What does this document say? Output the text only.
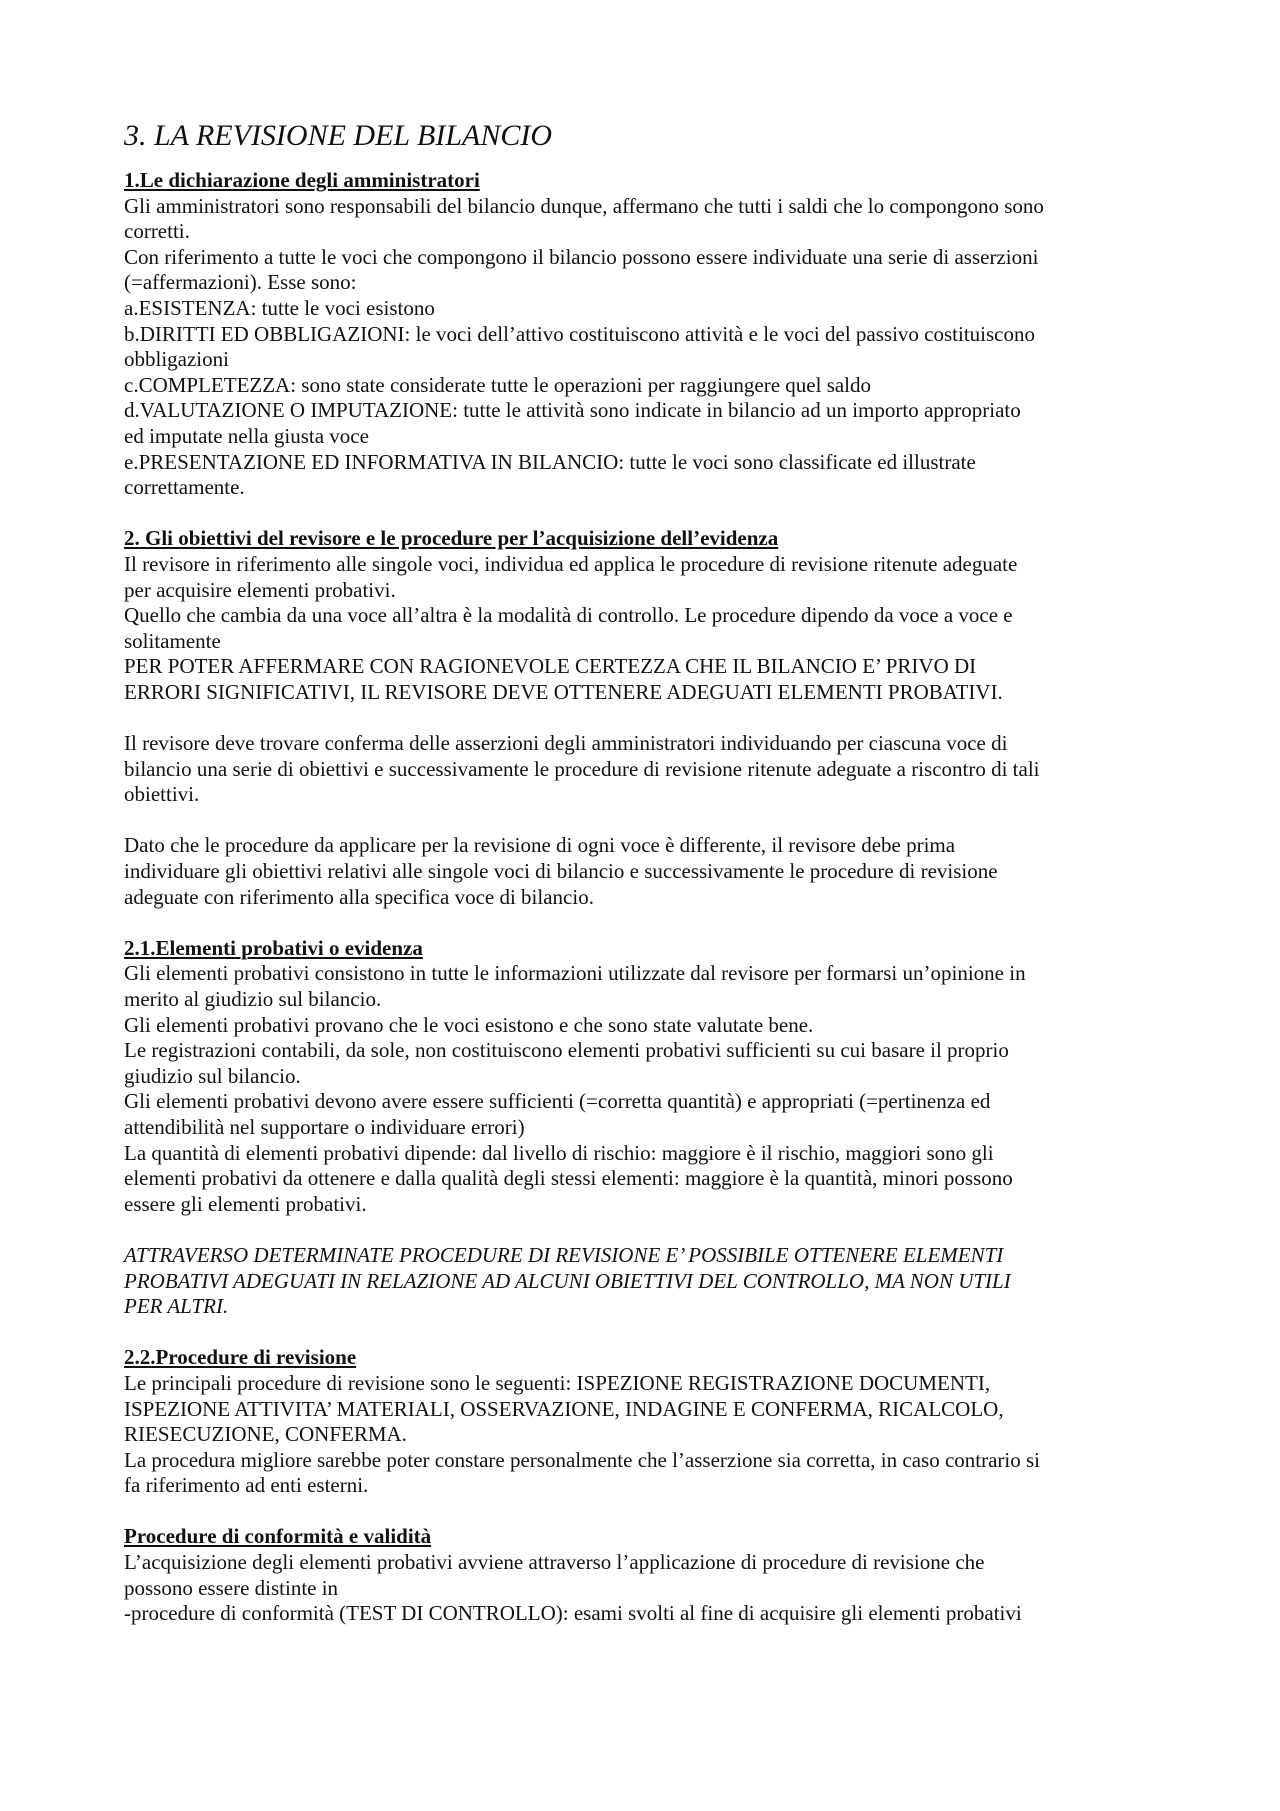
3. LA REVISIONE DEL BILANCIO

1.Le dichiarazione degli amministratori

Gli amministratori sono responsabili del bilancio dunque, affermano che tutti i saldi che lo compongono sono
corretti.
Con riferimento a tutte le voci che compongono il bilancio possono essere individuate una serie di asserzioni
(=affermazioni). Esse sono:
a.ESISTENZA: tutte le voci esistono
b.DIRITTI ED OBBLIGAZIONI: le voci dell’attivo costituiscono attività e le voci del passivo costituiscono
obbligazioni
c.COMPLETEZZA: sono state considerate tutte le operazioni per raggiungere quel saldo
d.VALUTAZIONE O IMPUTAZIONE: tutte le attività sono indicate in bilancio ad un importo appropriato
ed imputate nella giusta voce
e.PRESENTAZIONE ED INFORMATIVA IN BILANCIO: tutte le voci sono classificate ed illustrate
correttamente.

2. Gli obiettivi del revisore e le procedure per l’acquisizione dell’evidenza

Il revisore in riferimento alle singole voci, individua ed applica le procedure di revisione ritenute adeguate
per acquisire elementi probativi.
Quello che cambia da una voce all’altra è la modalità di controllo. Le procedure dipendo da voce a voce e
solitamente
PER POTER AFFERMARE CON RAGIONEVOLE CERTEZZA CHE IL BILANCIO E’ PRIVO DI
ERRORI SIGNIFICATIVI, IL REVISORE DEVE OTTENERE ADEGUATI ELEMENTI PROBATIVI.
Il revisore deve trovare conferma delle asserzioni degli amministratori individuando per ciascuna voce di
bilancio una serie di obiettivi e successivamente le procedure di revisione ritenute adeguate a riscontro di tali
obiettivi.
Dato che le procedure da applicare per la revisione di ogni voce è differente, il revisore debe prima
individuare gli obiettivi relativi alle singole voci di bilancio e successivamente le procedure di revisione
adeguate con riferimento alla specifica voce di bilancio.

2.1.Elementi probativi o evidenza

Gli elementi probativi consistono in tutte le informazioni utilizzate dal revisore per formarsi un’opinione in
merito al giudizio sul bilancio.
Gli elementi probativi provano che le voci esistono e che sono state valutate bene.
Le registrazioni contabili, da sole, non costituiscono elementi probativi sufficienti su cui basare il proprio
giudizio sul bilancio.
Gli elementi probativi devono avere essere sufficienti (=corretta quantità) e appropriati (=pertinenza ed
attendibilità nel supportare o individuare errori)
La quantità di elementi probativi dipende: dal livello di rischio: maggiore è il rischio, maggiori sono gli
elementi probativi da ottenere e dalla qualità degli stessi elementi: maggiore è la quantità, minori possono
essere gli elementi probativi.
ATTRAVERSO DETERMINATE PROCEDURE DI REVISIONE E’ POSSIBILE OTTENERE ELEMENTI
PROBATIVI ADEGUATI IN RELAZIONE AD ALCUNI OBIETTIVI DEL CONTROLLO, MA NON UTILI
PER ALTRI.

2.2.Procedure di revisione

Le principali procedure di revisione sono le seguenti: ISPEZIONE REGISTRAZIONE DOCUMENTI,
ISPEZIONE ATTIVITA’ MATERIALI, OSSERVAZIONE, INDAGINE E CONFERMA, RICALCOLO,
RIESECUZIONE, CONFERMA.
La procedura migliore sarebbe poter constare personalmente che l’asserzione sia corretta, in caso contrario si
fa riferimento ad enti esterni.

Procedure di conformità e validità

L’acquisizione degli elementi probativi avviene attraverso l’applicazione di procedure di revisione che
possono essere distinte in
-procedure di conformità (TEST DI CONTROLLO): esami svolti al fine di acquisire gli elementi probativi
